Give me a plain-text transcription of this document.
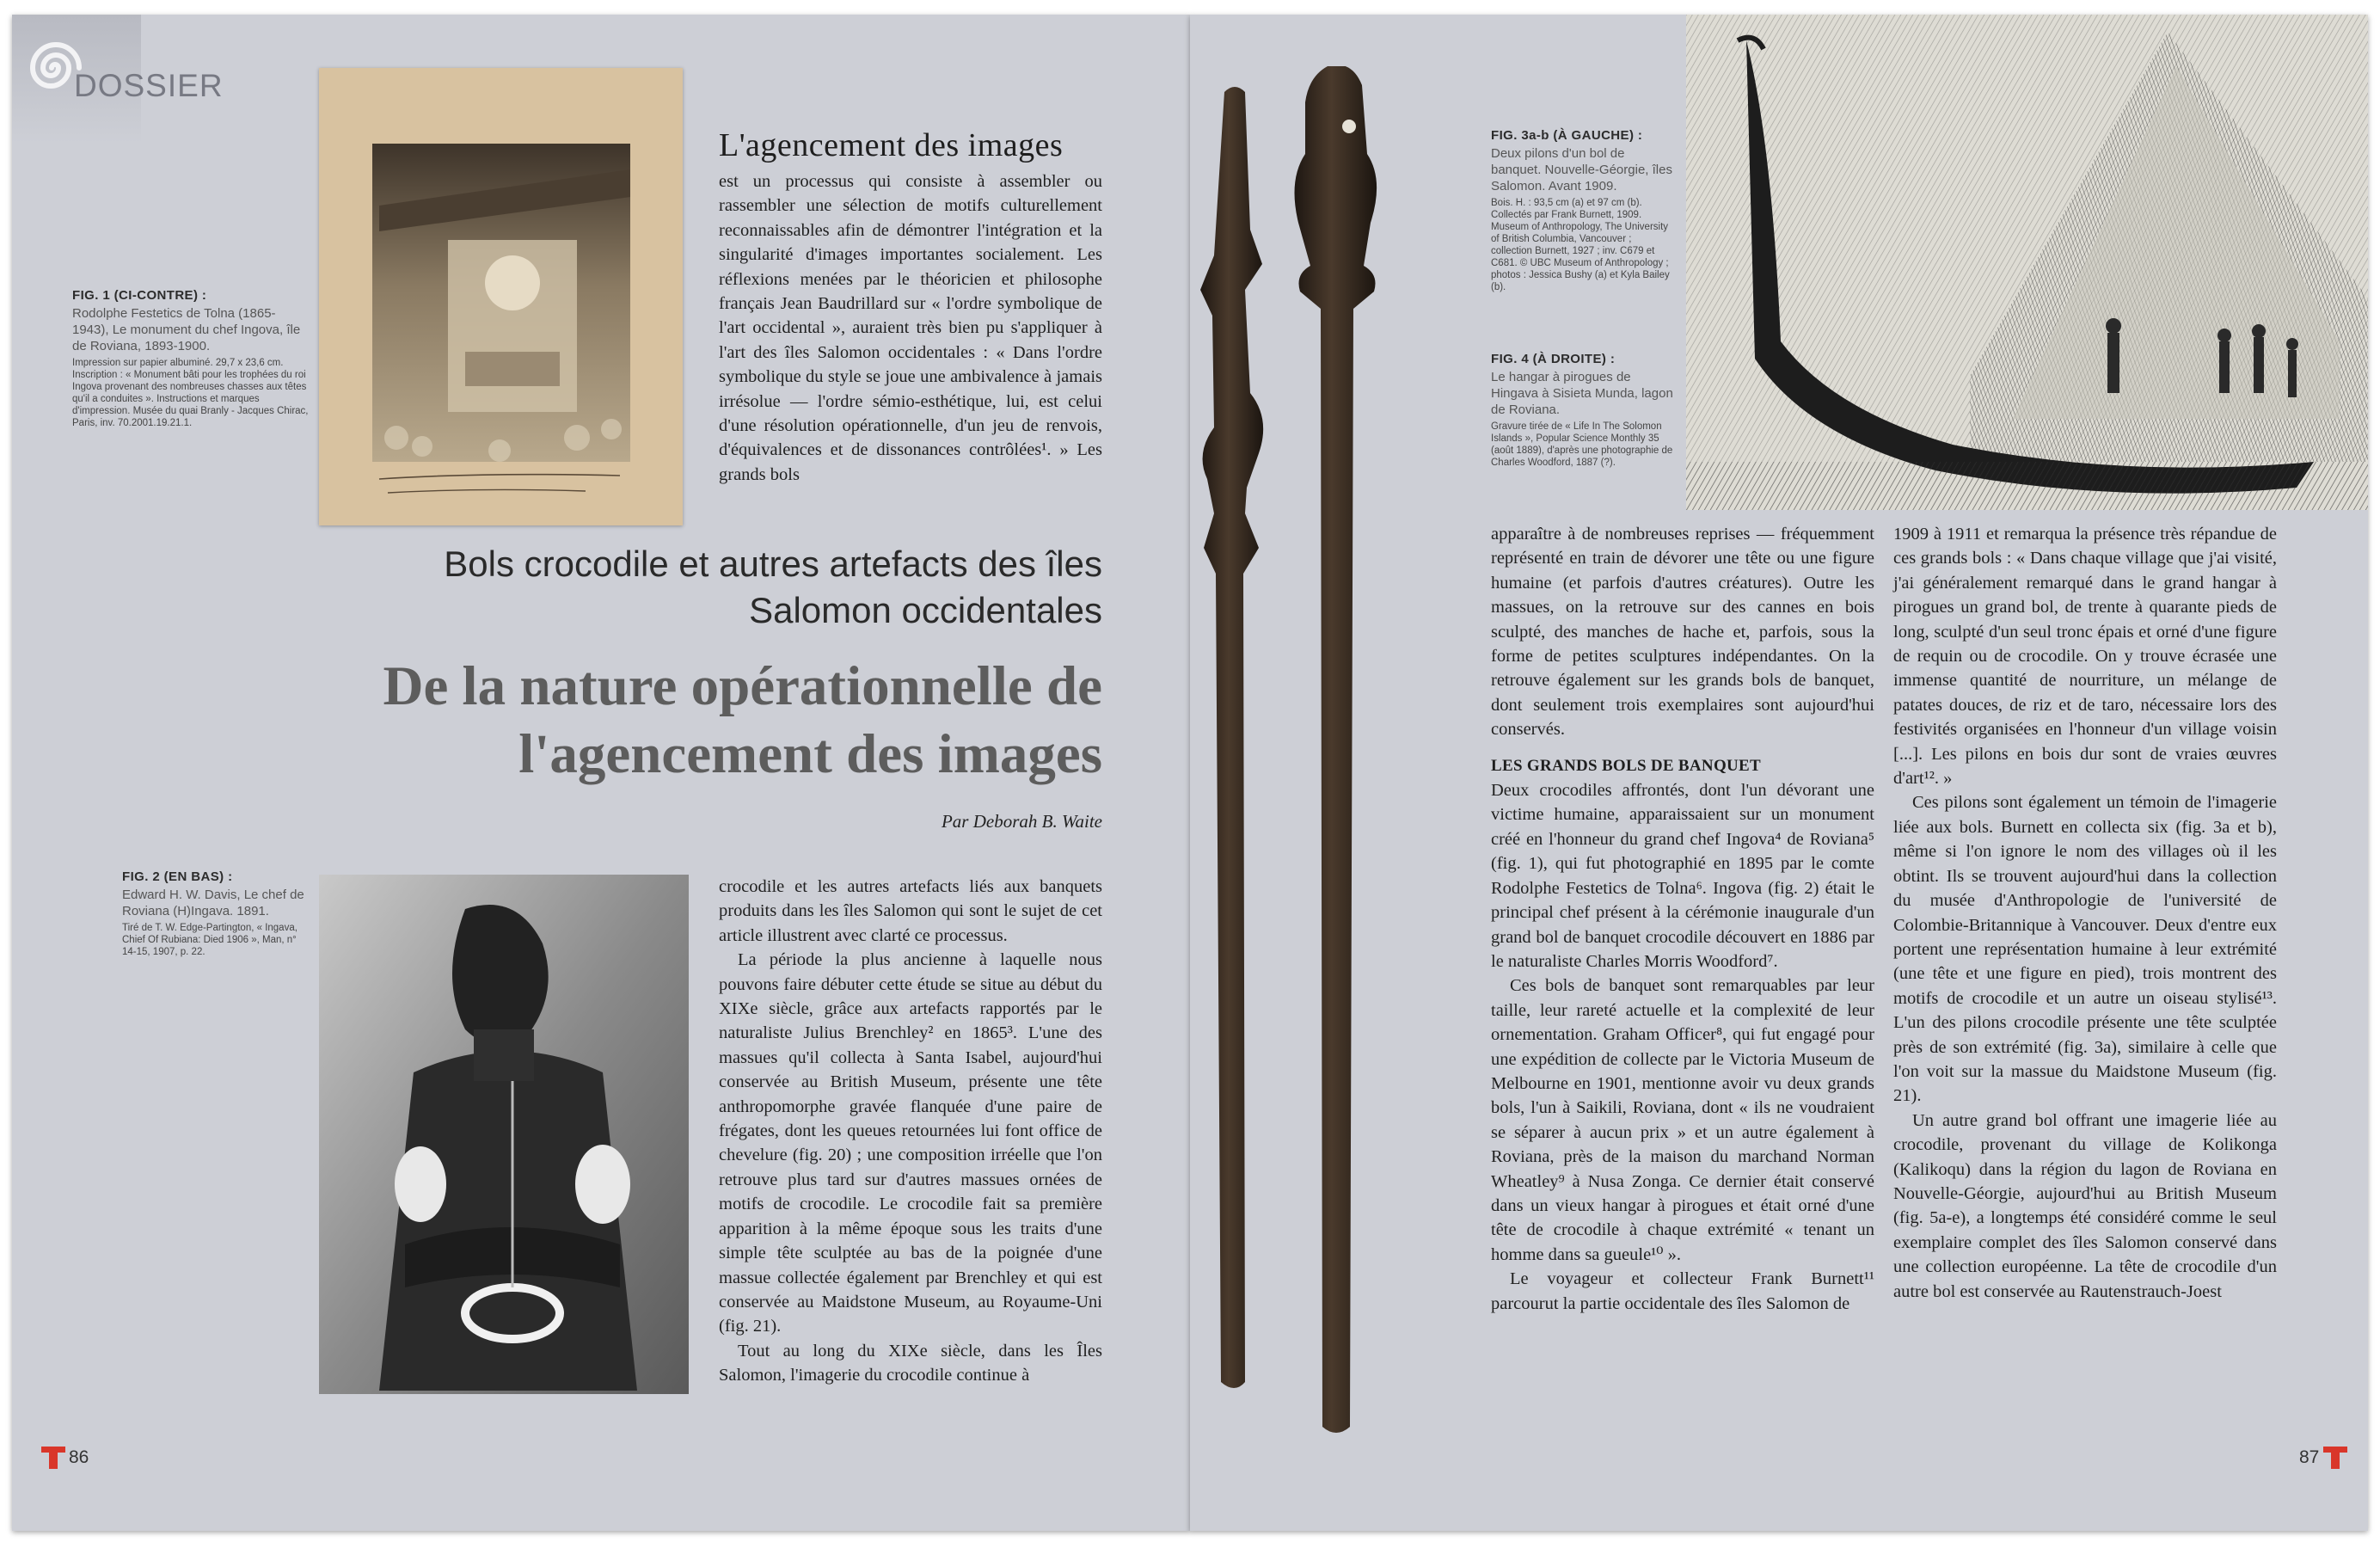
DOSSIER
FIG. 1 (CI-CONTRE) :
Rodolphe Festetics de Tolna (1865-1943), Le monument du chef Ingova, île de Roviana, 1893-1900.
Impression sur papier albuminé. 29,7 x 23,6 cm. Inscription : « Monument bâti pour les trophées du roi Ingova provenant des nombreuses chasses aux têtes qu'il a conduites ». Instructions et marques d'impression. Musée du quai Branly - Jacques Chirac, Paris, inv. 70.2001.19.21.1.
L'agencement des images
est un processus qui consiste à assembler ou rassembler une sélection de motifs culturellement reconnaissables afin de démontrer l'intégration et la singularité d'images importantes socialement. Les réflexions menées par le théoricien et philosophe français Jean Baudrillard sur « l'ordre symbolique de l'art occidental », auraient très bien pu s'appliquer à l'art des îles Salomon occidentales : « Dans l'ordre symbolique du style se joue une ambivalence à jamais irrésolue — l'ordre sémio-esthétique, lui, est celui d'une résolution opérationnelle, d'un jeu de renvois, d'équivalences et de dissonances contrôlées¹. » Les grands bols
Bols crocodile et autres artefacts des îles Salomon occidentales
De la nature opérationnelle de l'agencement des images
Par Deborah B. Waite
FIG. 2 (EN BAS) :
Edward H. W. Davis, Le chef de Roviana (H)Ingava. 1891.
Tiré de T. W. Edge-Partington, « Ingava, Chief Of Rubiana: Died 1906 », Man, n° 14-15, 1907, p. 22.

crocodile et les autres artefacts liés aux banquets produits dans les îles Salomon qui sont le sujet de cet article illustrent avec clarté ce processus.

La période la plus ancienne à laquelle nous pouvons faire débuter cette étude se situe au début du XIXe siècle, grâce aux artefacts rapportés par le naturaliste Julius Brenchley² en 1865³. L'une des massues qu'il collecta à Santa Isabel, aujourd'hui conservée au British Museum, présente une tête anthropomorphe gravée flanquée d'une paire de frégates, dont les queues retournées lui font office de chevelure (fig. 20) ; une composition irréelle que l'on retrouve plus tard sur d'autres massues ornées de motifs de crocodile. Le crocodile fait sa première apparition à la même époque sous les traits d'une simple tête sculptée au bas de la poignée d'une massue collectée également par Brenchley et qui est conservée au Maidstone Museum, au Royaume-Uni (fig. 21).

Tout au long du XIXe siècle, dans les Îles Salomon, l'imagerie du crocodile continue à

86
FIG. 3a-b (À GAUCHE) :
Deux pilons d'un bol de banquet. Nouvelle-Géorgie, îles Salomon. Avant 1909.
Bois. H. : 93,5 cm (a) et 97 cm (b). Collectés par Frank Burnett, 1909. Museum of Anthropology, The University of British Columbia, Vancouver ; collection Burnett, 1927 ; inv. C679 et C681. © UBC Museum of Anthropology ; photos : Jessica Bushy (a) et Kyla Bailey (b).
FIG. 4 (À DROITE) :
Le hangar à pirogues de Hingava à Sisieta Munda, lagon de Roviana.
Gravure tirée de « Life In The Solomon Islands », Popular Science Monthly 35 (août 1889), d'après une photographie de Charles Woodford, 1887 (?).

apparaître à de nombreuses reprises — fréquemment représenté en train de dévorer une tête ou une figure humaine (et parfois d'autres créatures). Outre les massues, on la retrouve sur des cannes en bois sculpté, des manches de hache et, parfois, sous la forme de petites sculptures indépendantes. On la retrouve également sur les grands bols de banquet, dont seulement trois exemplaires sont aujourd'hui conservés.

LES GRANDS BOLS DE BANQUET

Deux crocodiles affrontés, dont l'un dévorant une victime humaine, apparaissaient sur un monument créé en l'honneur du grand chef Ingova⁴ de Roviana⁵ (fig. 1), qui fut photographié en 1895 par le comte Rodolphe Festetics de Tolna⁶. Ingova (fig. 2) était le principal chef présent à la cérémonie inaugurale d'un grand bol de banquet crocodile découvert en 1886 par le naturaliste Charles Morris Woodford⁷.

Ces bols de banquet sont remarquables par leur taille, leur rareté actuelle et la complexité de leur ornementation. Graham Officer⁸, qui fut engagé pour une expédition de collecte par le Victoria Museum de Melbourne en 1901, mentionne avoir vu deux grands bols, l'un à Saikili, Roviana, dont « ils ne voudraient se séparer à aucun prix » et un autre également à Roviana, près de la maison du marchand Norman Wheatley⁹ à Nusa Zonga. Ce dernier était conservé dans un vieux hangar à pirogues et était orné d'une tête de crocodile à chaque extrémité « tenant un homme dans sa gueule¹⁰ ».

Le voyageur et collecteur Frank Burnett¹¹ parcourut la partie occidentale des îles Salomon de

1909 à 1911 et remarqua la présence très répandue de ces grands bols : « Dans chaque village que j'ai visité, j'ai généralement remarqué dans le grand hangar à pirogues un grand bol, de trente à quarante pieds de long, sculpté d'un seul tronc épais et orné d'une figure de requin ou de crocodile. On y trouve écrasée une immense quantité de nourriture, un mélange de patates douces, de riz et de taro, nécessaire lors des festivités organisées en l'honneur d'un village voisin [...]. Les pilons en bois dur sont de vraies œuvres d'art¹². »

Ces pilons sont également un témoin de l'imagerie liée aux bols. Burnett en collecta six (fig. 3a et b), même si l'on ignore le nom des villages où il les obtint. Ils se trouvent aujourd'hui dans la collection du musée d'Anthropologie de l'université de Colombie-Britannique à Vancouver. Deux d'entre eux portent une représentation humaine à leur extrémité (une tête et une figure en pied), trois montrent des motifs de crocodile et un autre un oiseau stylisé¹³. L'un des pilons crocodile présente une tête sculptée près de son extrémité (fig. 3a), similaire à celle que l'on voit sur la massue du Maidstone Museum (fig. 21).

Un autre grand bol offrant une imagerie liée au crocodile, provenant du village de Kolikonga (Kalikoqu) dans la région du lagon de Roviana en Nouvelle-Géorgie, aujourd'hui au British Museum (fig. 5a-e), a longtemps été considéré comme le seul exemplaire complet des îles Salomon conservé dans une collection européenne. La tête de crocodile d'un autre bol est conservée au Rautenstrauch-Joest

87
